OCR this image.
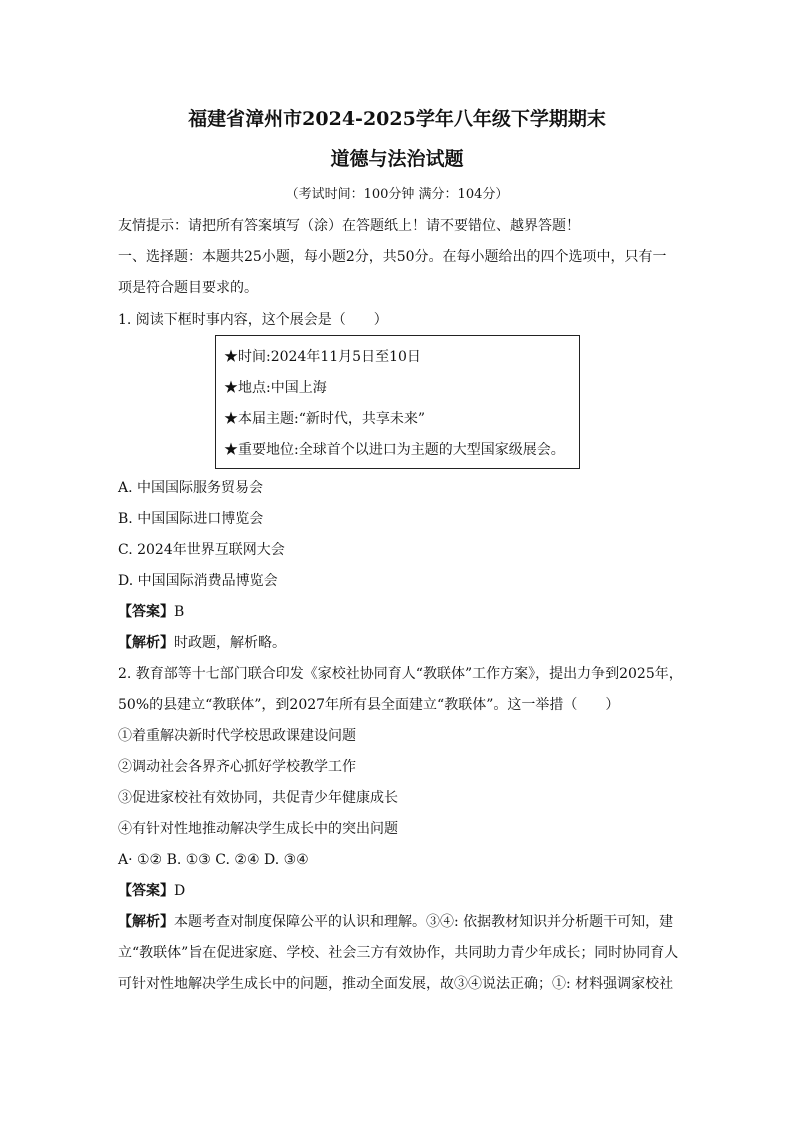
福建省漳州市2024-2025学年八年级下学期期末
道德与法治试题
（考试时间：100分钟 满分：104分）
友情提示：请把所有答案填写（涂）在答题纸上！请不要错位、越界答题！
一、选择题：本题共25小题，每小题2分，共50分。在每小题给出的四个选项中，只有一
项是符合题目要求的。
1. 阅读下框时事内容，这个展会是（　　）
★时间:2024年11月5日至10日
★地点:中国上海
★本届主题:“新时代，共享未来”
★重要地位:全球首个以进口为主题的大型国家级展会。
A. 中国国际服务贸易会
B. 中国国际进口博览会
C. 2024年世界互联网大会
D. 中国国际消费品博览会
【答案】B
【解析】时政题，解析略。
2. 教育部等十七部门联合印发《家校社协同育人“教联体”工作方案》，提出力争到2025年，
50%的县建立“教联体”，到2027年所有县全面建立“教联体”。这一举措（　　）
①着重解决新时代学校思政课建设问题
②调动社会各界齐心抓好学校教学工作
③促进家校社有效协同，共促青少年健康成长
④有针对性地推动解决学生成长中的突出问题
A· ①② B. ①③ C. ②④ D. ③④
【答案】D
【解析】本题考查对制度保障公平的认识和理解。③④: 依据教材知识并分析题干可知，建
立“教联体”旨在促进家庭、学校、社会三方有效协作，共同助力青少年成长；同时协同育人
可针对性地解决学生成长中的问题，推动全面发展，故③④说法正确；①: 材料强调家校社
